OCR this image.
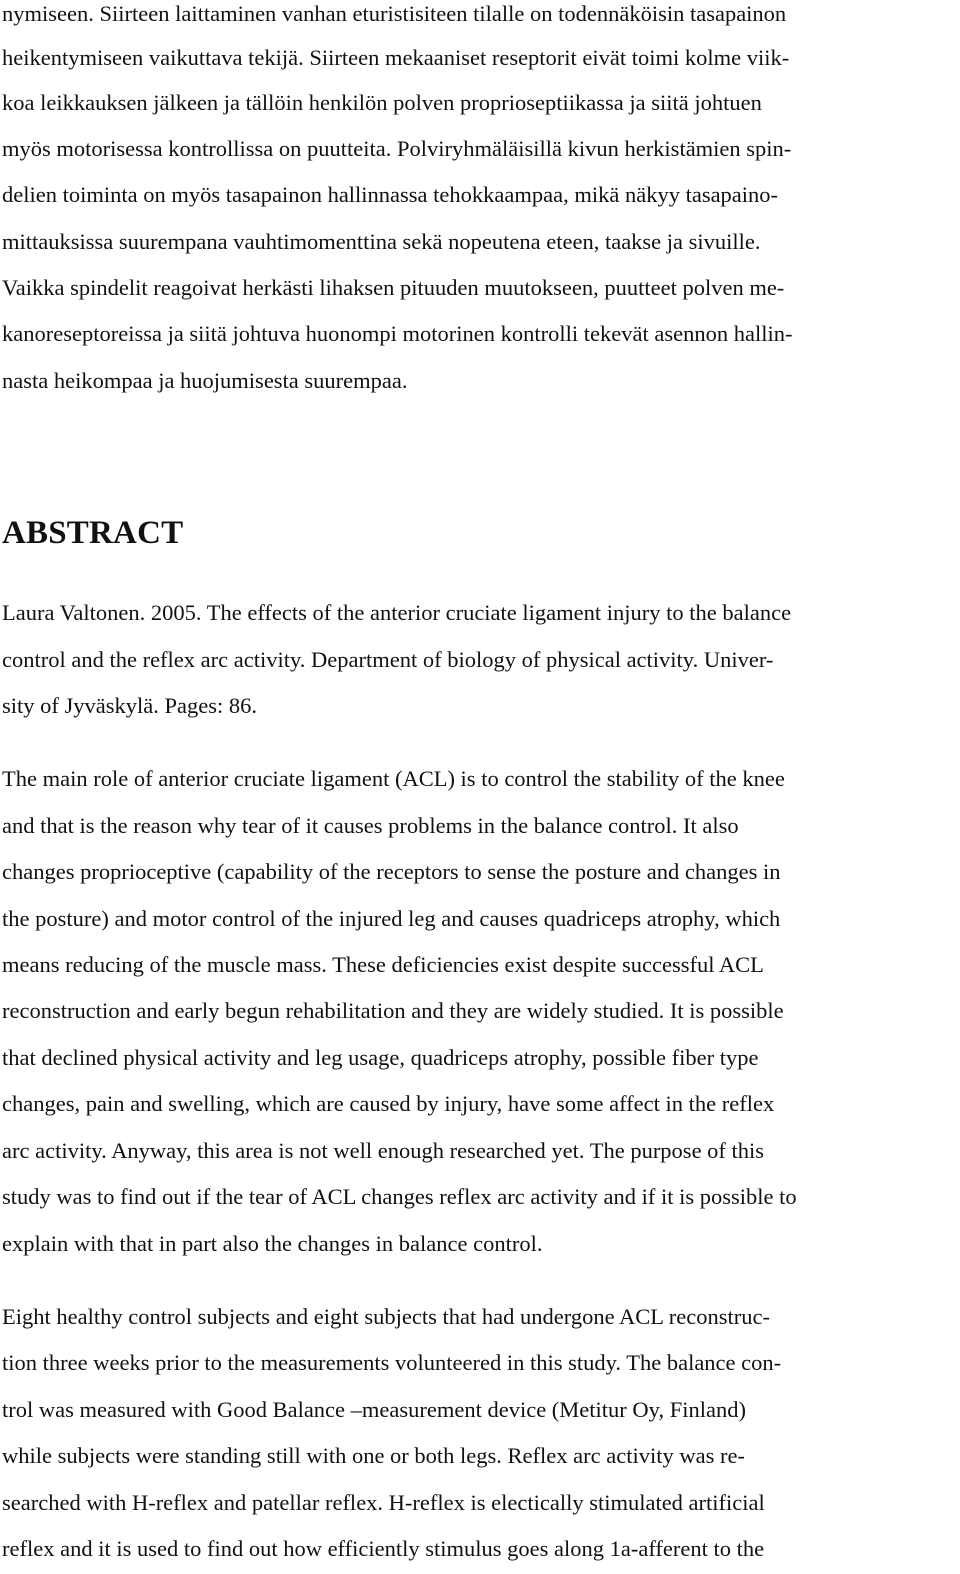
nymiseen. Siirteen laittaminen vanhan eturistisiteen tilalle on todennäköisin tasapainon

heikentymiseen vaikuttava tekijä. Siirteen mekaaniset reseptorit eivät toimi kolme viik-

koa leikkauksen jälkeen ja tällöin henkilön polven proprioseptiikassa ja siitä johtuen

myös motorisessa kontrollissa on puutteita. Polviryhmäläisillä kivun herkistämien spin-

delien toiminta on myös tasapainon hallinnassa tehokkaampaa, mikä näkyy tasapaino-

mittauksissa suurempana vauhtimomenttina sekä nopeutena eteen, taakse ja sivuille.

Vaikka spindelit reagoivat herkästi lihaksen pituuden muutokseen, puutteet polven me-

kanoreseptoreissa ja siitä johtuva huonompi motorinen kontrolli tekevät asennon hallin-

nasta heikompaa ja huojumisesta suurempaa.

ABSTRACT

Laura Valtonen. 2005. The effects of the anterior cruciate ligament injury to the balance

control and the reflex arc activity. Department of biology of physical activity. Univer-

sity of Jyväskylä. Pages: 86.

The main role of anterior cruciate ligament (ACL) is to control the stability of the knee

and that is the reason why tear of it causes problems in the balance control. It also

changes proprioceptive (capability of the receptors to sense the posture and changes in

the posture) and motor control of the injured leg and causes quadriceps atrophy, which

means reducing of the muscle mass. These deficiencies exist despite successful ACL

reconstruction and early begun rehabilitation and they are widely studied. It is possible

that declined physical activity and leg usage, quadriceps atrophy, possible fiber type

changes, pain and swelling, which are caused by injury, have some affect in the reflex

arc activity. Anyway, this area is not well enough researched yet. The purpose of this

study was to find out if the tear of ACL changes reflex arc activity and if it is possible to

explain with that in part also the changes in balance control.

Eight healthy control subjects and eight subjects that had undergone ACL reconstruc-

tion three weeks prior to the measurements volunteered in this study. The balance con-

trol was measured with Good Balance –measurement device (Metitur Oy, Finland)

while subjects were standing still with one or both legs. Reflex arc activity was re-

searched with H-reflex and patellar reflex. H-reflex is electically stimulated artificial

reflex and it is used to find out how efficiently stimulus goes along 1a-afferent to the
